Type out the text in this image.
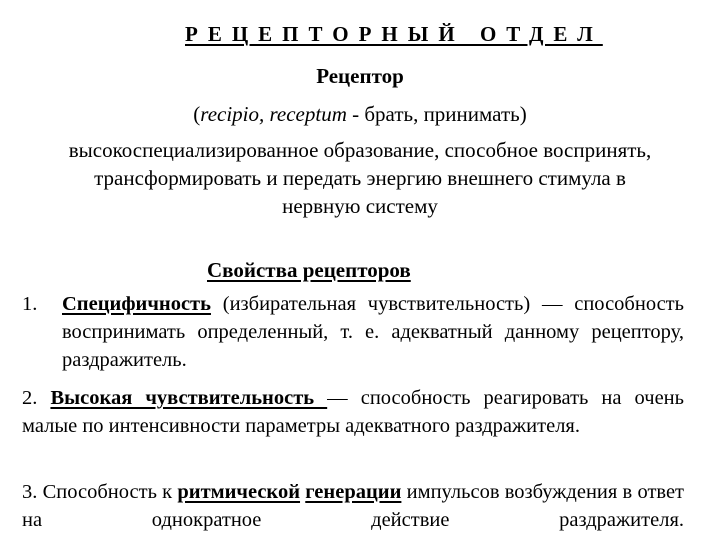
РЕЦЕПТОРНЫЙ ОТДЕЛ
Рецептор
(recipio, receptum - брать, принимать)
высокоспециализированное образование, способное воспринять,
трансформировать и передать энергию внешнего стимула в
нервную систему
Свойства рецепторов
1. Специфичность (избирательная чувствительность) — способность воспринимать определенный, т. е. адекватный данному рецептору, раздражитель.
2. Высокая чувствительность — способность реагировать на очень малые по интенсивности параметры адекватного раздражителя.
3. Способность к ритмической генерации импульсов возбуждения в ответ на однократное действие раздражителя.
